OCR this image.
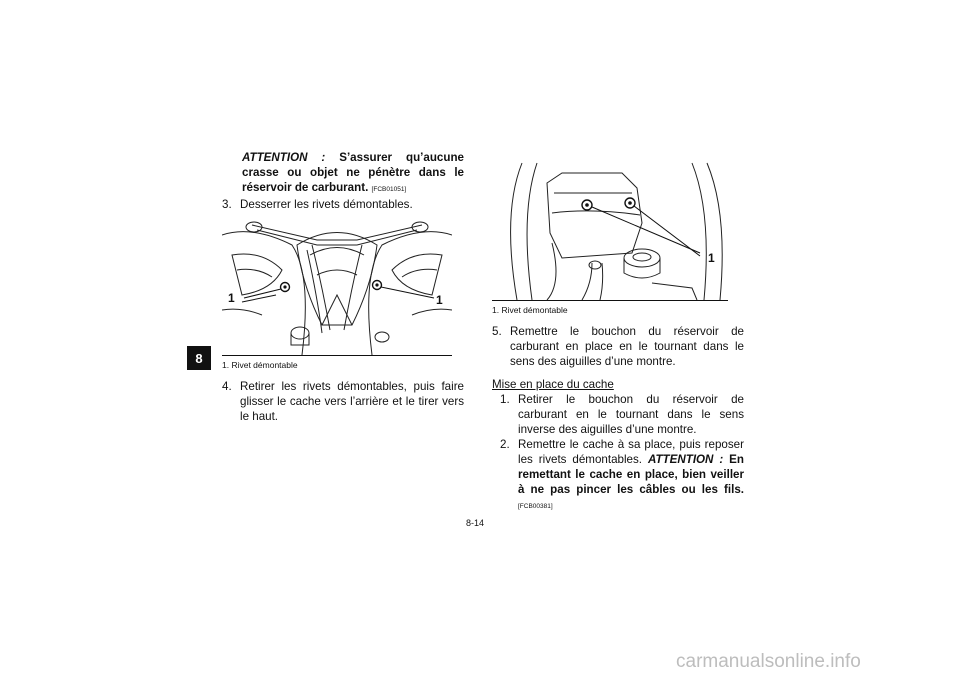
8

ATTENTION : S’assurer qu’aucune crasse ou objet ne pénètre dans le réservoir de carburant. [FCB01051]

3. Desserrer les rivets démontables.
1	1

1. Rivet démontable

4. Retirer les rivets démontables, puis faire glisser le cache vers l’arrière et le tirer vers le haut.
1

1. Rivet démontable

5. Remettre le bouchon du réservoir de carburant en place en le tournant dans le sens des aiguilles d’une montre.

Mise en place du cache

1. Retirer le bouchon du réservoir de carburant en le tournant dans le sens inverse des aiguilles d’une montre.
2. Remettre le cache à sa place, puis reposer les rivets démontables. ATTENTION : En remettant le cache en place, bien veiller à ne pas pincer les câbles ou les fils. [FCB00381]
8-14
carmanualsonline.info
